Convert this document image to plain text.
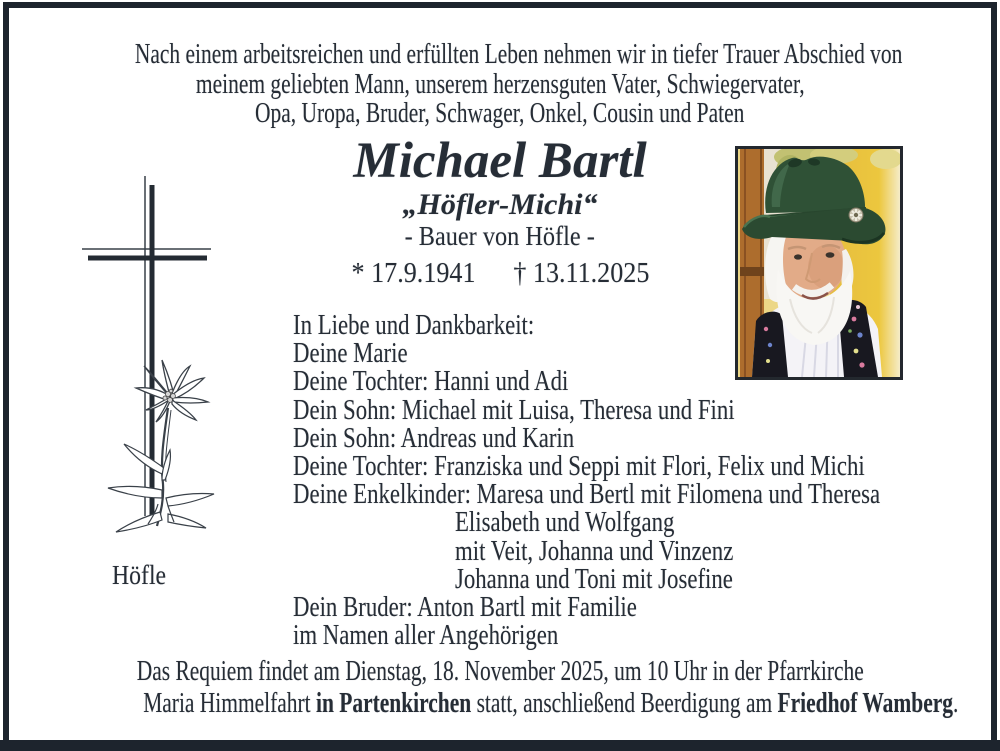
Nach einem arbeitsreichen und erfüllten Leben nehmen wir in tiefer Trauer Abschied von
meinem geliebten Mann, unserem herzensguten Vater, Schwiegervater,
Opa, Uropa, Bruder, Schwager, Onkel, Cousin und Paten
Michael Bartl
„Höfler-Michi“
- Bauer von Höfle -
* 17.9.1941 † 13.11.2025
Höfle
In Liebe und Dankbarkeit:
Deine Marie
Deine Tochter: Hanni und Adi
Dein Sohn: Michael mit Luisa, Theresa und Fini
Dein Sohn: Andreas und Karin
Deine Tochter: Franziska und Seppi mit Flori, Felix und Michi
Deine Enkelkinder: Maresa und Bertl mit Filomena und Theresa
Elisabeth und Wolfgang
mit Veit, Johanna und Vinzenz
Johanna und Toni mit Josefine
Dein Bruder: Anton Bartl mit Familie
im Namen aller Angehörigen
Das Requiem findet am Dienstag, 18. November 2025, um 10 Uhr in der Pfarrkirche
Maria Himmelfahrt in Partenkirchen statt, anschließend Beerdigung am Friedhof Wamberg.
